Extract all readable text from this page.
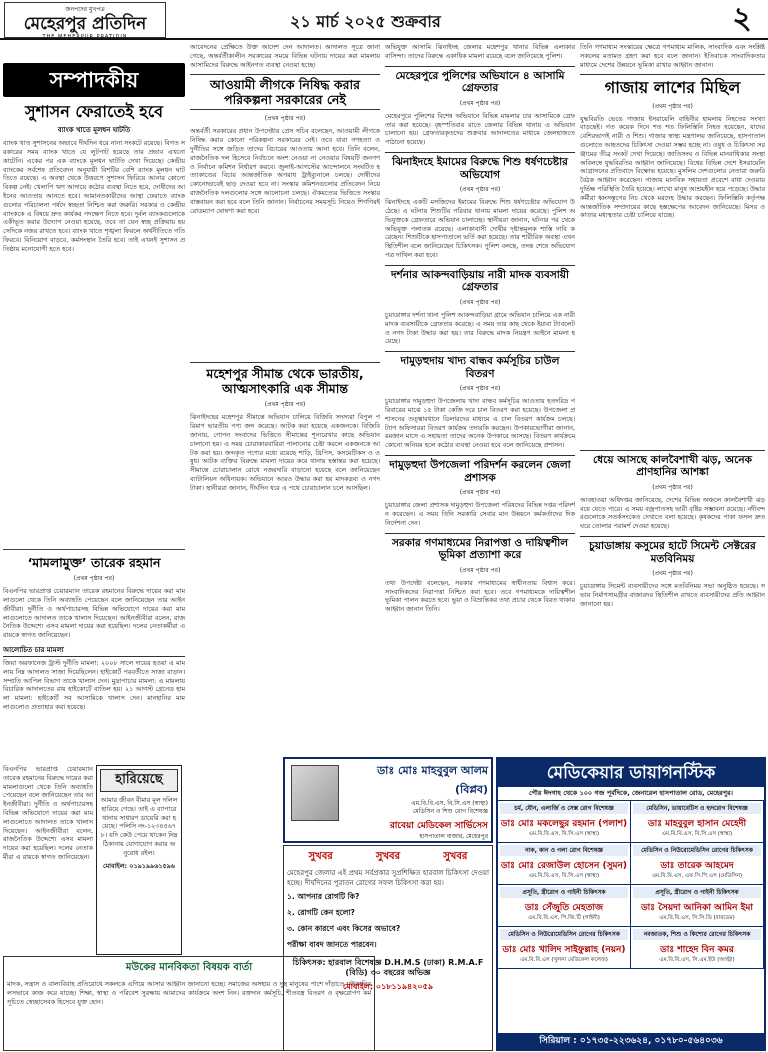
জনপদের মুখপত্র
মেহেরপুর প্রতিদিন
THE MEHERPUR PRATIDIN
২১ মার্চ ২০২৫ শুক্রবার	২
সম্পাদকীয়
সুশাসন ফেরাতেই হবে
ব্যাংক খাতে মূলধন ঘাটতি
ব্যাংক খাত সুশাসনের অভাবে দীর্ঘদিন ধরে নানা সংকটে রয়েছে। বিগত সরকারের সময় ব্যাংক খাতে যে লুটপাট হয়েছে তার প্রভাব এখনো কাটেনি। একের পর এক ব্যাংকে মূলধন ঘাটতি দেখা দিয়েছে। কেন্দ্রীয় ব্যাংকের সর্বশেষ প্রতিবেদন অনুযায়ী বিশটির বেশি ব্যাংক মূলধন ঘাটতিতে রয়েছে। এ অবস্থা থেকে উত্তরণে সুশাসন ফিরিয়ে আনার কোনো বিকল্প নেই। খেলাপি ঋণ আদায়ে কঠোর ব্যবস্থা নিতে হবে, দোষীদের আইনের আওতায় আনতে হবে। আমানতকারীদের আস্থা ফেরাতে ব্যাংকগুলোর পরিচালনা পর্ষদে স্বচ্ছতা নিশ্চিত করা জরুরি। সরকার ও কেন্দ্রীয় ব্যাংককে এ বিষয়ে দ্রুত কার্যকর পদক্ষেপ নিতে হবে। দুর্বল ব্যাংকগুলোকে একীভূত করার উদ্যোগ নেওয়া হয়েছে, তবে তা যেন স্বচ্ছ প্রক্রিয়ায় হয় সেদিকে নজর রাখতে হবে। ব্যাংক খাতে শৃঙ্খলা ফিরলে অর্থনীতিতে গতি ফিরবে। বিনিয়োগ বাড়বে, কর্মসংস্থান তৈরি হবে। তাই এখনই সুশাসন প্রতিষ্ঠায় মনোযোগী হতে হবে।
‘মামলামুক্ত’ তারেক রহমান
(প্রথম পৃষ্ঠার পর)
বিএনপির ভারপ্রাপ্ত চেয়ারম্যান তারেক রহমানের বিরুদ্ধে দায়ের করা মামলাগুলো থেকে তিনি অব্যাহতি পেয়েছেন বলে জানিয়েছেন তার আইনজীবীরা। দুর্নীতি ও অর্থপাচারসহ বিভিন্ন অভিযোগে দায়ের করা মামলাগুলোতে আদালত তাকে খালাস দিয়েছেন। আইনজীবীরা বলেন, রাজনৈতিক উদ্দেশ্যে এসব মামলা দায়ের করা হয়েছিল। দলের নেতাকর্মীরা এ রায়কে স্বাগত জানিয়েছেন।
আলোচিত চার মামলা
জিয়া অরফানেজ ট্রাস্ট দুর্নীতি মামলা: ২০০৮ সালে দায়ের হওয়া এ মামলায় নিম্ন আদালত সাজা দিয়েছিলেন। হাইকোর্ট পরবর্তীতে সাজা বাড়ান। সম্প্রতি আপিল বিভাগ তাকে খালাস দেন। মুদ্রাপাচার মামলা: এ মামলায় বিচারিক আদালতের রায় হাইকোর্টে বাতিল হয়। ২১ আগস্ট গ্রেনেড হামলা মামলা: হাইকোর্ট সব আসামিকে খালাস দেন। মানহানির মামলাগুলোও প্রত্যাহার করা হয়েছে।
বিএনপির ভারপ্রাপ্ত চেয়ারম্যান তারেক রহমানের বিরুদ্ধে দায়ের করা মামলাগুলো থেকে তিনি অব্যাহতি পেয়েছেন বলে জানিয়েছেন তার আইনজীবীরা। দুর্নীতি ও অর্থপাচারসহ বিভিন্ন অভিযোগে দায়ের করা মামলাগুলোতে আদালত তাকে খালাস দিয়েছেন। আইনজীবীরা বলেন, রাজনৈতিক উদ্দেশ্যে এসব মামলা দায়ের করা হয়েছিল। দলের নেতাকর্মীরা এ রায়কে স্বাগত জানিয়েছেন।
হারিয়েছে
আমার জীবন বীমার মূল দলিল হারিয়ে গেছে। তাই এ ব্যাপারে থানায় সাধারণ ডায়েরি করা হয়েছে। পলিসি নং-১২৩৪৫৬৭৮। যদি কেউ পেয়ে থাকেন নিম্ন ঠিকানায় যোগাযোগ করার অনুরোধ রইল।
মোবাইল: ০১৯১৯৯৬১৫৯৬
মউকের মানবিকতা বিষয়ক বার্তা
মাদক, সন্ত্রাস ও বাল্যবিবাহ প্রতিরোধে সকলকে এগিয়ে আসার আহ্বান জানানো হচ্ছে। সমাজের অসহায় ও দুস্থ মানুষের পাশে দাঁড়াতে মউক নিরলসভাবে কাজ করে যাচ্ছে। শিক্ষা, স্বাস্থ্য ও পরিবেশ সুরক্ষায় আমাদের কার্যক্রমে অংশ নিন। রক্তদান কর্মসূচি, শীতবস্ত্র বিতরণ ও বৃক্ষরোপণ কর্মসূচিতে স্বেচ্ছাসেবক হিসেবে যুক্ত হোন।
আবেদনের প্রেক্ষিতে উক্ত আদেশ দেন আদালত। আদালত সূত্রে জানা গেছে, অন্তর্বর্তীকালীন সরকারের সময়ে বিভিন্ন ঘটনায় দায়ের করা মামলায় আসামিদের বিরুদ্ধে আইনগত ব্যবস্থা নেওয়া হচ্ছে।
আওয়ামী লীগকে নিষিদ্ধ করার পরিকল্পনা সরকারের নেই
(প্রথম পৃষ্ঠার পর)
অন্তর্বর্তী সরকারের প্রধান উপদেষ্টার প্রেস সচিব বলেছেন, আওয়ামী লীগকে নিষিদ্ধ করার কোনো পরিকল্পনা সরকারের নেই। তবে যারা গণহত্যা ও দুর্নীতির সঙ্গে জড়িত তাদের বিচারের আওতায় আনা হবে। তিনি বলেন, রাজনৈতিক দল হিসেবে নির্বাচনে অংশ নেওয়া না নেওয়ার বিষয়টি জনগণ ও নির্বাচন কমিশন নির্ধারণ করবে। জুলাই-আগস্টের আন্দোলনে সংঘটিত হত্যাকাণ্ডের বিচার আন্তর্জাতিক অপরাধ ট্রাইব্যুনালে চলছে। দোষীদের কোনোভাবেই ছাড় দেওয়া হবে না। সংস্কার কমিশনগুলোর প্রতিবেদন নিয়ে রাজনৈতিক দলগুলোর সঙ্গে আলোচনা চলছে। ঐকমত্যের ভিত্তিতে সংস্কার বাস্তবায়ন করা হবে বলে তিনি জানান। নির্বাচনের সময়সূচি নিয়েও শিগগিরই রোডম্যাপ ঘোষণা করা হবে।
মহেশপুর সীমান্ত থেকে ভারতীয়, আত্মসাৎকারি এক সীমান্ত
(প্রথম পৃষ্ঠার পর)
ঝিনাইদহের মহেশপুর সীমান্তে অভিযান চালিয়ে বিজিবি সদস্যরা বিপুল পরিমাণ ভারতীয় পণ্য জব্দ করেছে। আটক করা হয়েছে একজনকে। বিজিবি জানায়, গোপন সংবাদের ভিত্তিতে সীমান্তের শূন্যরেখার কাছে অভিযান চালানো হয়। এ সময় চোরাকারবারিরা পালানোর চেষ্টা করলে একজনকে আটক করা হয়। জব্দকৃত পণ্যের মধ্যে রয়েছে শাড়ি, থ্রিপিস, কসমেটিকস ও ওষুধ। আটক ব্যক্তির বিরুদ্ধে মামলা দায়ের করে থানায় হস্তান্তর করা হয়েছে। সীমান্তে চোরাচালান রোধে নজরদারি বাড়ানো হয়েছে বলে জানিয়েছেন ব্যাটালিয়ন অধিনায়ক। অভিযানে আরও উদ্ধার করা হয় মাদকদ্রব্য ও নগদ টাকা। স্থানীয়রা জানান, দীর্ঘদিন ধরে এ পথে চোরাচালান চলে আসছিল।
অভিযুক্ত আসামি ঝিনাইদহ জেলার মহেশপুর থানার বিভিন্ন এলাকার বাসিন্দা। তাদের বিরুদ্ধে একাধিক মামলা রয়েছে বলে জানিয়েছে পুলিশ।
মেহেরপুরে পুলিশের অভিযানে ৪ আসামি গ্রেফতার
(প্রথম পৃষ্ঠার পর)
মেহেরপুরে পুলিশের বিশেষ অভিযানে বিভিন্ন মামলার চার আসামিকে গ্রেফতার করা হয়েছে। বৃহস্পতিবার রাতে জেলার বিভিন্ন থানায় এ অভিযান চালানো হয়। গ্রেফতারকৃতদের শুক্রবার আদালতের মাধ্যমে জেলহাজতে পাঠানো হয়েছে।
ঝিনাইদহে ইমামের বিরুদ্ধে শিশু ধর্ষণচেষ্টার অভিযোগ
(প্রথম পৃষ্ঠার পর)
ঝিনাইদহে একটি মসজিদের ইমামের বিরুদ্ধে শিশু ধর্ষণচেষ্টার অভিযোগ উঠেছে। এ ঘটনায় শিশুটির পরিবার থানায় মামলা দায়ের করেছে। পুলিশ অভিযুক্তকে গ্রেফতারে অভিযান চালাচ্ছে। স্থানীয়রা জানান, ঘটনার পর থেকে অভিযুক্ত পলাতক রয়েছে। এলাকাবাসী দোষীর দৃষ্টান্তমূলক শাস্তি দাবি করেছেন। শিশুটিকে হাসপাতালে ভর্তি করা হয়েছে। তার শারীরিক অবস্থা এখন স্থিতিশীল বলে জানিয়েছেন চিকিৎসক। পুলিশ বলছে, তদন্ত শেষে অভিযোগপত্র দাখিল করা হবে।
দর্শনার আকন্দবাড়িয়ায় নারী মাদক ব্যবসায়ী গ্রেফতার
(প্রথম পৃষ্ঠার পর)
চুয়াডাঙ্গার দর্শনা থানা পুলিশ আকন্দবাড়িয়া গ্রামে অভিযান চালিয়ে এক নারী মাদক ব্যবসায়ীকে গ্রেফতার করেছে। এ সময় তার কাছ থেকে ইয়াবা ট্যাবলেট ও নগদ টাকা উদ্ধার করা হয়। তার বিরুদ্ধে মাদক নিয়ন্ত্রণ আইনে মামলা হয়েছে।
দামুড়হুদায় খাদ্য বান্ধব কর্মসূচির চাউল বিতরণ
(প্রথম পৃষ্ঠার পর)
চুয়াডাঙ্গার দামুড়হুদা উপজেলায় খাদ্য বান্ধব কর্মসূচির আওতায় হতদরিদ্র পরিবারের মাঝে ১৫ টাকা কেজি দরে চাল বিতরণ করা হয়েছে। উপজেলা প্রশাসনের তত্ত্বাবধানে ডিলারদের মাধ্যমে এ চাল বিতরণ কার্যক্রম চলছে। ট্যাগ অফিসাররা বিতরণ কার্যক্রম তদারকি করছেন। উপকারভোগীরা জানান, রমজান মাসে এ সহায়তা তাদের অনেক উপকারে আসছে। বিতরণ কার্যক্রমে কোনো অনিয়ম হলে কঠোর ব্যবস্থা নেওয়া হবে বলে জানিয়েছে প্রশাসন।
দামুড়হুদা উপজেলা পরিদর্শন করলেন জেলা প্রশাসক
(প্রথম পৃষ্ঠার পর)
চুয়াডাঙ্গার জেলা প্রশাসক দামুড়হুদা উপজেলা পরিষদের বিভিন্ন দপ্তর পরিদর্শন করেছেন। এ সময় তিনি সরকারি সেবার মান উন্নয়নে কর্মকর্তাদের দিকনির্দেশনা দেন।
সরকার গণমাধ্যমের নিরাপত্তা ও দায়িত্বশীল ভূমিকা প্রত্যাশা করে
(প্রথম পৃষ্ঠার পর)
তথ্য উপদেষ্টা বলেছেন, সরকার গণমাধ্যমের স্বাধীনতায় বিশ্বাস করে। সাংবাদিকদের নিরাপত্তা নিশ্চিত করা হবে। তবে গণমাধ্যমকে দায়িত্বশীল ভূমিকা পালন করতে হবে। ভুয়া ও বিভ্রান্তিকর তথ্য প্রচার থেকে বিরত থাকার আহ্বান জানান তিনি।
তিনি গণমাধ্যম সংস্কারের ক্ষেত্রে গণমাধ্যম মালিক, সাংবাদিক এবং সংশ্লিষ্ট সকলের মতামত গ্রহণ করা হবে বলে জানান। ইতিবাচক সাংবাদিকতার মাধ্যমে দেশের উন্নয়নে ভূমিকা রাখার আহ্বান জানান।
গাজায় লাশের মিছিল
(প্রথম পৃষ্ঠার পর)
যুদ্ধবিরতি ভেঙে গাজায় ইসরায়েলি বাহিনীর হামলায় নিহতের সংখ্যা বাড়ছেই। গত কয়েক দিনে শত শত ফিলিস্তিনি নিহত হয়েছেন, যাদের বেশিরভাগই নারী ও শিশু। গাজার স্বাস্থ্য মন্ত্রণালয় জানিয়েছে, হাসপাতালগুলোতে আহতদের চিকিৎসা দেওয়া সম্ভব হচ্ছে না। ওষুধ ও চিকিৎসা সরঞ্জামের তীব্র সংকট দেখা দিয়েছে। জাতিসংঘ ও বিভিন্ন মানবাধিকার সংস্থা অবিলম্বে যুদ্ধবিরতির আহ্বান জানিয়েছে। বিশ্বের বিভিন্ন দেশে ইসরায়েলি আগ্রাসনের প্রতিবাদে বিক্ষোভ হয়েছে। মুসলিম দেশগুলোর নেতারা জরুরি বৈঠক আহ্বান করেছেন। গাজায় মানবিক সহায়তা প্রবেশে বাধা দেওয়ায় দুর্ভিক্ষ পরিস্থিতি তৈরি হয়েছে। লাখো মানুষ আশ্রয়হীন হয়ে পড়েছে। উদ্ধারকর্মীরা ধ্বংসস্তূপের নিচ থেকে মরদেহ উদ্ধার করছেন। ফিলিস্তিনি কর্তৃপক্ষ আন্তর্জাতিক সম্প্রদায়ের কাছে হস্তক্ষেপের আবেদন জানিয়েছে। মিসর ও কাতার মধ্যস্থতার চেষ্টা চালিয়ে যাচ্ছে।
ধেয়ে আসছে কালবৈশাখী ঝড়, অনেক প্রাণহানির আশঙ্কা
(প্রথম পৃষ্ঠার পর)
আবহাওয়া অধিদপ্তর জানিয়েছে, দেশের বিভিন্ন অঞ্চলে কালবৈশাখী ঝড় বয়ে যেতে পারে। এ সময় বজ্রপাতসহ ভারী বৃষ্টির সম্ভাবনা রয়েছে। নদীবন্দরগুলোকে সতর্কসংকেত দেখাতে বলা হয়েছে। কৃষকদের পাকা ফসল দ্রুত ঘরে তোলার পরামর্শ দেওয়া হয়েছে।
চুয়াডাঙ্গায় কসুমের হাটে সিমেন্ট সেক্টরের মতবিনিময়
(প্রথম পৃষ্ঠার পর)
চুয়াডাঙ্গায় সিমেন্ট ব্যবসায়ীদের সঙ্গে মতবিনিময় সভা অনুষ্ঠিত হয়েছে। সভায় নির্মাণসামগ্রীর বাজারদর স্থিতিশীল রাখতে ব্যবসায়ীদের প্রতি আহ্বান জানানো হয়।
ডাঃ মোঃ মাহবুবুল আলম (বিপ্লব)
এম.বি.বি.এস, বি.সি.এস (স্বাস্থ্য)
মেডিসিন ও শিশু রোগ বিশেষজ্ঞ
রাবেয়া মেডিকেল সার্ভিসেস
হাসপাতাল বাজার, মেহেরপুর
সুখবর	সুখবর	সুখবর
মেহেরপুর জেলার এই প্রথম সর্বপ্রকার সুপ্রশিক্ষিত হারবাল চিকিৎসা দেওয়া হচ্ছে। দীর্ঘদিনের পুরাতন রোগের সফল চিকিৎসা করা হয়।
১. আপনার রোগটি কি?
২. রোগটি কেন হলো?
৩. কোন কারণে এবং কিসের অভাবে?
পরীক্ষা বাবদ জানতে পারবেন।
চিকিৎসক: হারবাল বিশেষজ্ঞ D.H.M.S (ঢাকা) R.M.A.F (বিডি) ৩০ বছরের অভিজ্ঞ
মোবাইল: ০১৮১১৯৪২০৫৯
মেডিকেয়ার ডায়াগনস্টিক
পৌর ঈদগাহ থেকে ১০০ গজ পূর্বদিকে, জেনারেল হাসপাতাল রোড, মেহেরপুর।
চর্ম, যৌন, এলার্জি ও সেক্স রোগ বিশেষজ্ঞ
ডাঃ মোঃ মকলেছুর রহমান (পলাশ)
এম.বি.বি.এস, বি.সি.এস (স্বাস্থ্য)
মেডিসিন, ডায়াবেটিস ও হৃদরোগ বিশেষজ্ঞ
ডাঃ মাহবুবুল হাসান মেহেদী
এম.বি.বি.এস, বি.সি.এস (স্বাস্থ্য)
নাক, কান ও গলা রোগ বিশেষজ্ঞ
ডাঃ মোঃ রেজাউল হোসেন (সুমন)
এম.বি.বি.এস, বি.সি.এস (স্বাস্থ্য)
মেডিসিন ও নিউরোমেডিসিন রোগের চিকিৎসক
ডাঃ তারেক আহমেদ
এম.বি.বি.এস, এফ.সি.পি.এস (মেডিসিন)
প্রসূতি, স্ত্রীরোগ ও গাইনী চিকিৎসক
ডাঃ সেঁজুতি মেহতাজ
এম.বি.বি.এস, পি.জি.টি (গাইনী)
প্রসূতি, স্ত্রীরোগ ও গাইনী চিকিৎসক
ডাঃ সৈয়দা আনিকা আমিন ইমা
এম.বি.বি.এস, সি.সি.ডি (বারডেম)
মেডিসিন ও নিউরোমেডিসিন রোগের চিকিৎসক
ডাঃ মোঃ খালিদ সাইফুল্লাহ (নয়ন)
এম.বি.বি.এস (খুলনা মেডিকেল কলেজ)
নবজাতক, শিশু ও কিশোর রোগের চিকিৎসক
ডাঃ শাহেদ বিন কমর
এম.বি.বি.এস, সি.এম.ইউ (আল্ট্রা)
সিরিয়াল : ০১৭৩৫-২২৩৬২৪, ০১৭৮০-৫৬৪০৩৬
